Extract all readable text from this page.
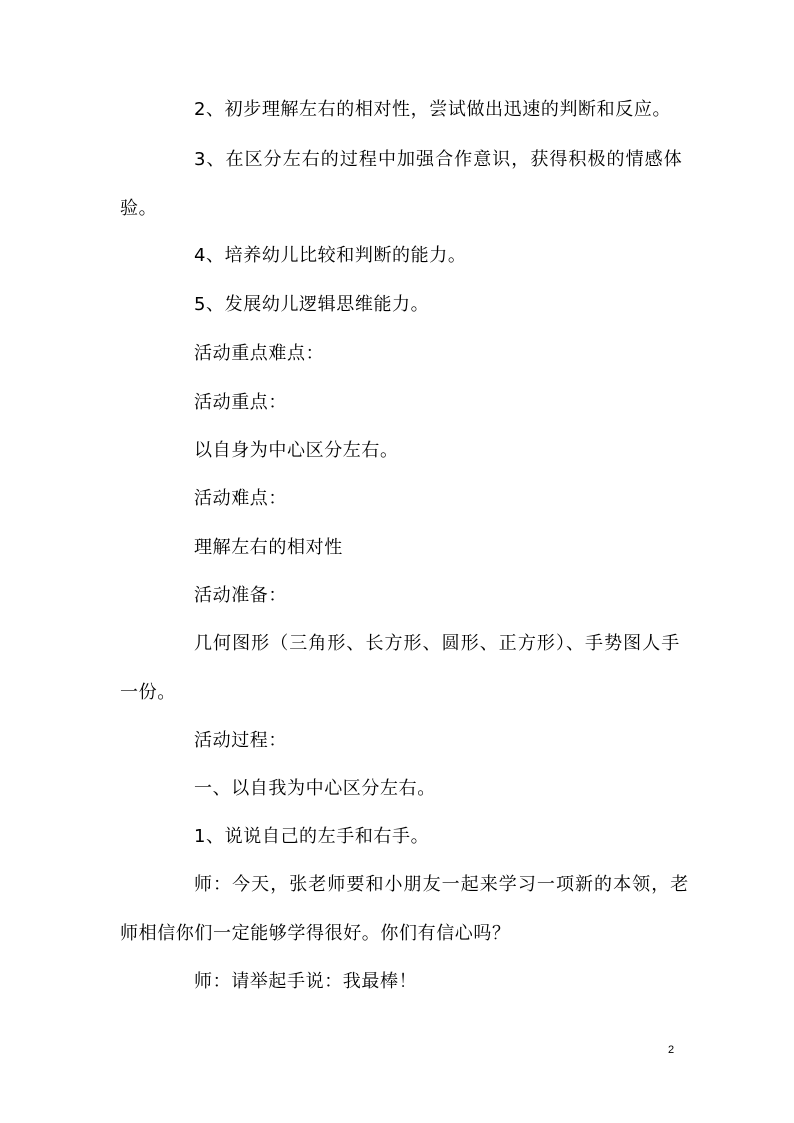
2、初步理解左右的相对性，尝试做出迅速的判断和反应。
3、在区分左右的过程中加强合作意识，获得积极的情感体
验。
4、培养幼儿比较和判断的能力。
5、发展幼儿逻辑思维能力。
活动重点难点：
活动重点：
以自身为中心区分左右。
活动难点：
理解左右的相对性
活动准备：
几何图形（三角形、长方形、圆形、正方形）、手势图人手
一份。
活动过程：
一、以自我为中心区分左右。
1、说说自己的左手和右手。
师：今天，张老师要和小朋友一起来学习一项新的本领，老
师相信你们一定能够学得很好。你们有信心吗？
师：请举起手说：我最棒！
2
